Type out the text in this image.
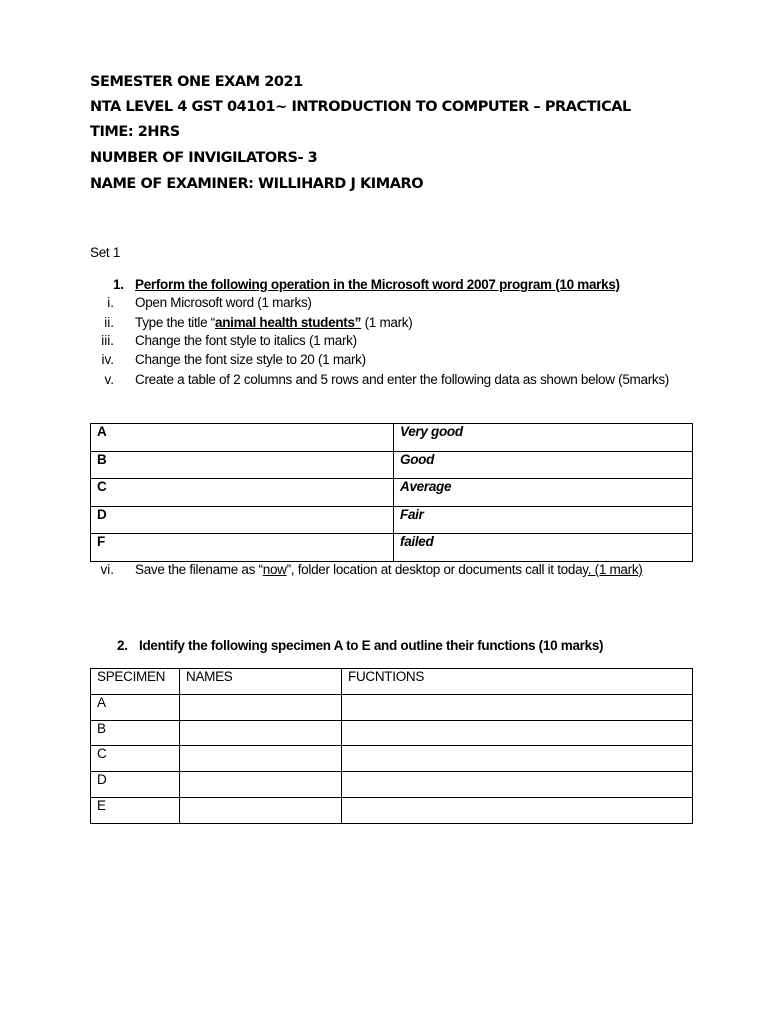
SEMESTER ONE EXAM 2021
NTA LEVEL 4 GST 04101~ INTRODUCTION TO COMPUTER – PRACTICAL
TIME: 2HRS
NUMBER OF INVIGILATORS- 3
NAME OF EXAMINER: WILLIHARD J KIMARO
Set 1
1. Perform the following operation in the Microsoft word 2007 program (10 marks)
i. Open Microsoft word (1 marks)
ii. Type the title “animal health students” (1 mark)
iii. Change the font style to italics (1 mark)
iv. Change the font size style to 20 (1 mark)
v. Create a table of 2 columns and 5 rows and enter the following data as shown below (5marks)
A	Very good
B	Good
C	Average
D	Fair
F	failed
vi. Save the filename as “now”, folder location at desktop or documents call it today. (1 mark)
2. Identify the following specimen A to E and outline their functions (10 marks)
SPECIMEN	NAMES	FUCNTIONS
A		
B		
C		
D		
E		
